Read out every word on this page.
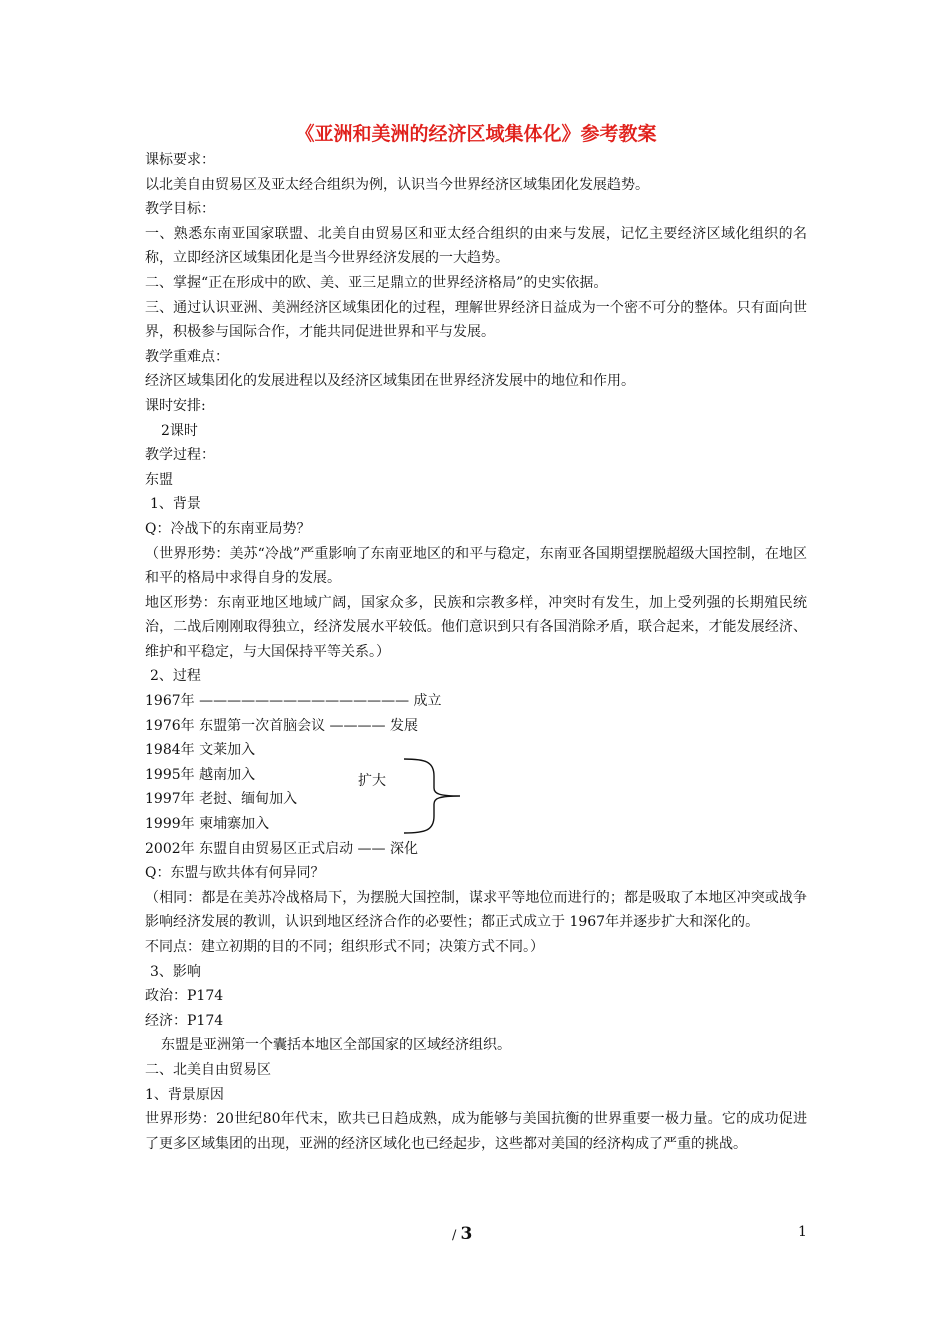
《亚洲和美洲的经济区域集体化》参考教案

课标要求：

以北美自由贸易区及亚太经合组织为例，认识当今世界经济区域集团化发展趋势。

教学目标：

一、熟悉东南亚国家联盟、北美自由贸易区和亚太经合组织的由来与发展，记忆主要经济区域化组织的名称，立即经济区域集团化是当今世界经济发展的一大趋势。

二、掌握“正在形成中的欧、美、亚三足鼎立的世界经济格局”的史实依据。

三、通过认识亚洲、美洲经济区域集团化的过程，理解世界经济日益成为一个密不可分的整体。只有面向世界，积极参与国际合作，才能共同促进世界和平与发展。

教学重难点：

经济区域集团化的发展进程以及经济区域集团在世界经济发展中的地位和作用。

课时安排:

2课时

教学过程：

东盟

1、背景

Q：冷战下的东南亚局势？

（世界形势：美苏“冷战”严重影响了东南亚地区的和平与稳定，东南亚各国期望摆脱超级大国控制，在地区和平的格局中求得自身的发展。

地区形势：东南亚地区地域广阔，国家众多，民族和宗教多样，冲突时有发生，加上受列强的长期殖民统治，二战后刚刚取得独立，经济发展水平较低。他们意识到只有各国消除矛盾，联合起来，才能发展经济、维护和平稳定，与大国保持平等关系。）

2、过程

1967年 ——————————————— 成立

1976年 东盟第一次首脑会议 ———— 发展

1984年 文莱加入

1995年 越南加入

1997年 老挝、缅甸加入

1999年 柬埔寨加入

2002年 东盟自由贸易区正式启动 —— 深化

Q：东盟与欧共体有何异同？

（相同：都是在美苏冷战格局下，为摆脱大国控制，谋求平等地位而进行的；都是吸取了本地区冲突或战争影响经济发展的教训，认识到地区经济合作的必要性；都正式成立于 1967年并逐步扩大和深化的。

不同点：建立初期的目的不同；组织形式不同；决策方式不同。）

3、影响

政治：P174

经济：P174

东盟是亚洲第一个囊括本地区全部国家的区域经济组织。

二、北美自由贸易区

1、背景原因

世界形势：20世纪80年代末，欧共已日趋成熟，成为能够与美国抗衡的世界重要一极力量。它的成功促进了更多区域集团的出现，亚洲的经济区域化也已经起步，这些都对美国的经济构成了严重的挑战。

扩大
/ 3	1
